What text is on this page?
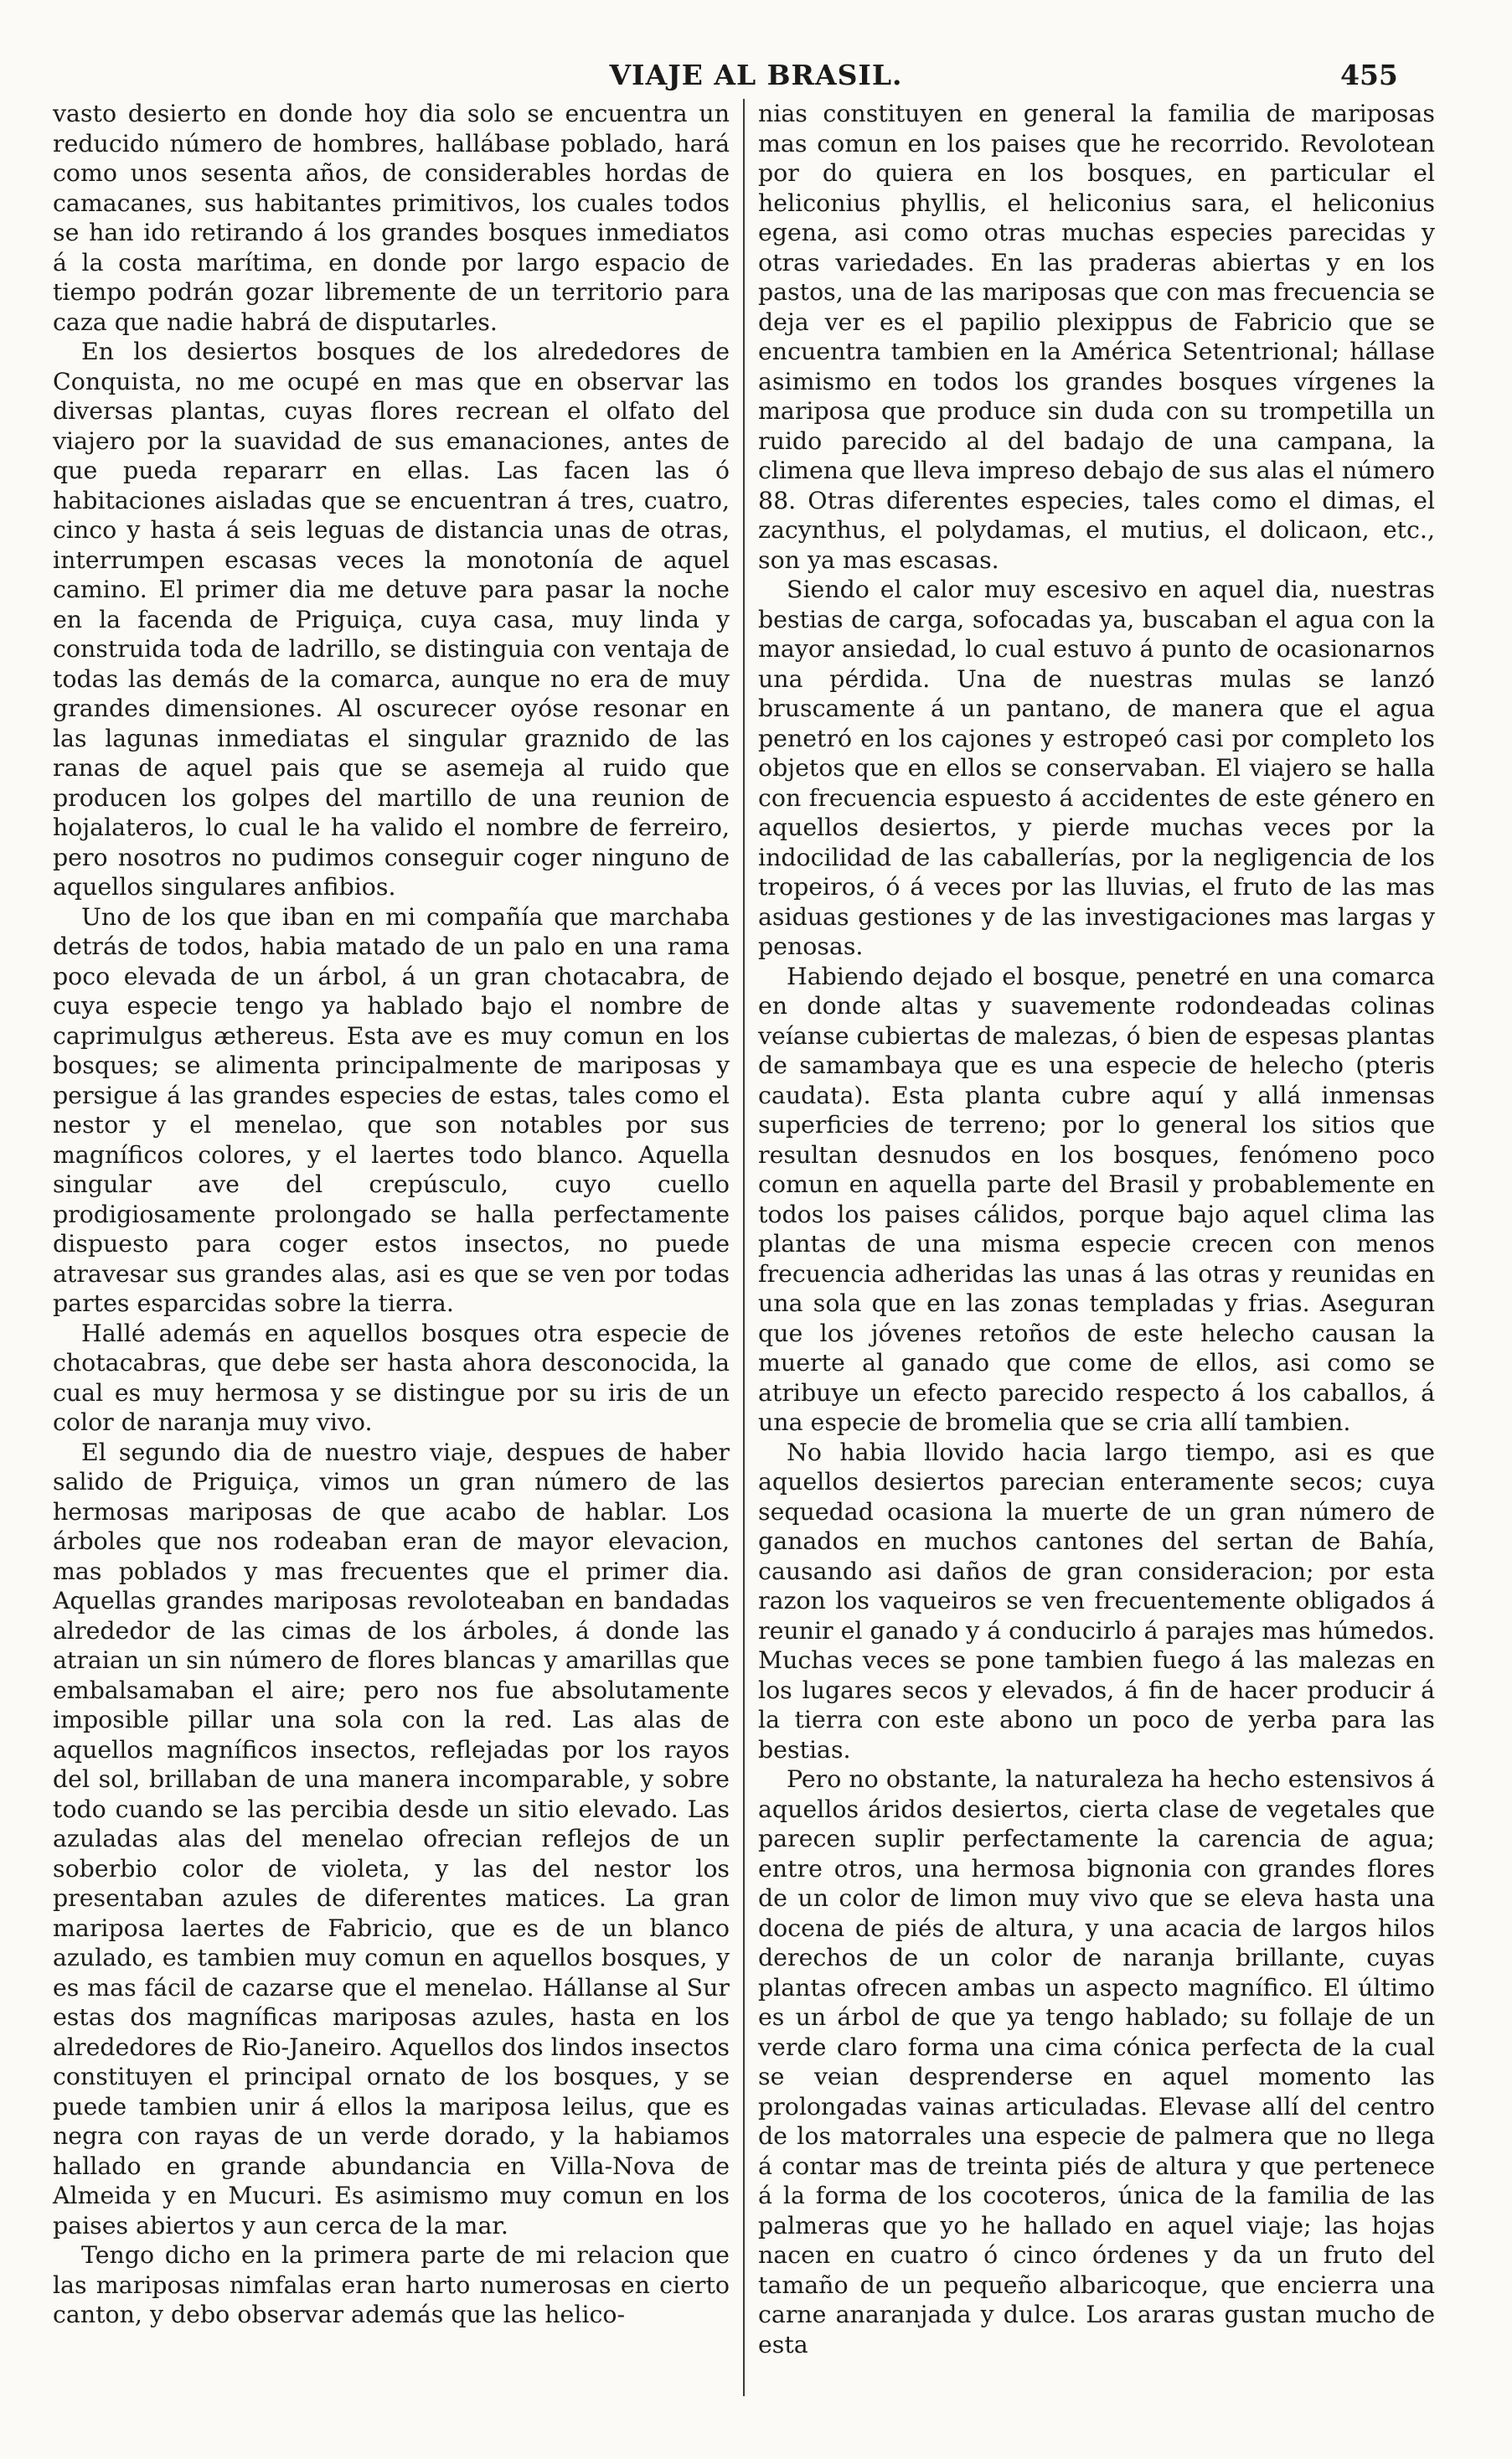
VIAJE AL BRASIL.	455

vasto desierto en donde hoy dia solo se encuentra un reducido número de hombres, hallábase poblado, hará como unos sesenta años, de considerables hordas de camacanes, sus habitantes primitivos, los cuales todos se han ido retirando á los grandes bosques inmediatos á la costa marítima, en donde por largo espacio de tiempo podrán gozar libremente de un territorio para caza que nadie habrá de disputarles.

En los desiertos bosques de los alrededores de Conquista, no me ocupé en mas que en observar las diversas plantas, cuyas flores recrean el olfato del viajero por la suavidad de sus emanaciones, antes de que pueda repararr en ellas. Las facen las ó habitaciones aisladas que se encuentran á tres, cuatro, cinco y hasta á seis leguas de distancia unas de otras, interrumpen escasas veces la monotonía de aquel camino. El primer dia me detuve para pasar la noche en la facenda de Priguiça, cuya casa, muy linda y construida toda de ladrillo, se distinguia con ventaja de todas las demás de la comarca, aunque no era de muy grandes dimensiones. Al oscurecer oyóse resonar en las lagunas inmediatas el singular graznido de las ranas de aquel pais que se asemeja al ruido que producen los golpes del martillo de una reunion de hojalateros, lo cual le ha valido el nombre de ferreiro, pero nosotros no pudimos conseguir coger ninguno de aquellos singulares anfibios.

Uno de los que iban en mi compañía que marchaba detrás de todos, habia matado de un palo en una rama poco elevada de un árbol, á un gran chotacabra, de cuya especie tengo ya hablado bajo el nombre de caprimulgus æthereus. Esta ave es muy comun en los bosques; se alimenta principalmente de mariposas y persigue á las grandes especies de estas, tales como el nestor y el menelao, que son notables por sus magníficos colores, y el laertes todo blanco. Aquella singular ave del crepúsculo, cuyo cuello prodigiosamente prolongado se halla perfectamente dispuesto para coger estos insectos, no puede atravesar sus grandes alas, asi es que se ven por todas partes esparcidas sobre la tierra.

Hallé además en aquellos bosques otra especie de chotacabras, que debe ser hasta ahora desconocida, la cual es muy hermosa y se distingue por su iris de un color de naranja muy vivo.

El segundo dia de nuestro viaje, despues de haber salido de Priguiça, vimos un gran número de las hermosas mariposas de que acabo de hablar. Los árboles que nos rodeaban eran de mayor elevacion, mas poblados y mas frecuentes que el primer dia. Aquellas grandes mariposas revoloteaban en bandadas alrededor de las cimas de los árboles, á donde las atraian un sin número de flores blancas y amarillas que embalsamaban el aire; pero nos fue absolutamente imposible pillar una sola con la red. Las alas de aquellos magníficos insectos, reflejadas por los rayos del sol, brillaban de una manera incomparable, y sobre todo cuando se las percibia desde un sitio elevado. Las azuladas alas del menelao ofrecian reflejos de un soberbio color de violeta, y las del nestor los presentaban azules de diferentes matices. La gran mariposa laertes de Fabricio, que es de un blanco azulado, es tambien muy comun en aquellos bosques, y es mas fácil de cazarse que el menelao. Hállanse al Sur estas dos magníficas mariposas azules, hasta en los alrededores de Rio-Janeiro. Aquellos dos lindos insectos constituyen el principal ornato de los bosques, y se puede tambien unir á ellos la mariposa leilus, que es negra con rayas de un verde dorado, y la habiamos hallado en grande abundancia en Villa-Nova de Almeida y en Mucuri. Es asimismo muy comun en los paises abiertos y aun cerca de la mar.

Tengo dicho en la primera parte de mi relacion que las mariposas nimfalas eran harto numerosas en cierto canton, y debo observar además que las helico-

nias constituyen en general la familia de mariposas mas comun en los paises que he recorrido. Revolotean por do quiera en los bosques, en particular el heliconius phyllis, el heliconius sara, el heliconius egena, asi como otras muchas especies parecidas y otras variedades. En las praderas abiertas y en los pastos, una de las mariposas que con mas frecuencia se deja ver es el papilio plexippus de Fabricio que se encuentra tambien en la América Setentrional; hállase asimismo en todos los grandes bosques vírgenes la mariposa que produce sin duda con su trompetilla un ruido parecido al del badajo de una campana, la climena que lleva impreso debajo de sus alas el número 88. Otras diferentes especies, tales como el dimas, el zacynthus, el polydamas, el mutius, el dolicaon, etc., son ya mas escasas.

Siendo el calor muy escesivo en aquel dia, nuestras bestias de carga, sofocadas ya, buscaban el agua con la mayor ansiedad, lo cual estuvo á punto de ocasionarnos una pérdida. Una de nuestras mulas se lanzó bruscamente á un pantano, de manera que el agua penetró en los cajones y estropeó casi por completo los objetos que en ellos se conservaban. El viajero se halla con frecuencia espuesto á accidentes de este género en aquellos desiertos, y pierde muchas veces por la indocilidad de las caballerías, por la negligencia de los tropeiros, ó á veces por las lluvias, el fruto de las mas asiduas gestiones y de las investigaciones mas largas y penosas.

Habiendo dejado el bosque, penetré en una comarca en donde altas y suavemente rodondeadas colinas veíanse cubiertas de malezas, ó bien de espesas plantas de samambaya que es una especie de helecho (pteris caudata). Esta planta cubre aquí y allá inmensas superficies de terreno; por lo general los sitios que resultan desnudos en los bosques, fenómeno poco comun en aquella parte del Brasil y probablemente en todos los paises cálidos, porque bajo aquel clima las plantas de una misma especie crecen con menos frecuencia adheridas las unas á las otras y reunidas en una sola que en las zonas templadas y frias. Aseguran que los jóvenes retoños de este helecho causan la muerte al ganado que come de ellos, asi como se atribuye un efecto parecido respecto á los caballos, á una especie de bromelia que se cria allí tambien.

No habia llovido hacia largo tiempo, asi es que aquellos desiertos parecian enteramente secos; cuya sequedad ocasiona la muerte de un gran número de ganados en muchos cantones del sertan de Bahía, causando asi daños de gran consideracion; por esta razon los vaqueiros se ven frecuentemente obligados á reunir el ganado y á conducirlo á parajes mas húmedos. Muchas veces se pone tambien fuego á las malezas en los lugares secos y elevados, á fin de hacer producir á la tierra con este abono un poco de yerba para las bestias.

Pero no obstante, la naturaleza ha hecho estensivos á aquellos áridos desiertos, cierta clase de vegetales que parecen suplir perfectamente la carencia de agua; entre otros, una hermosa bignonia con grandes flores de un color de limon muy vivo que se eleva hasta una docena de piés de altura, y una acacia de largos hilos derechos de un color de naranja brillante, cuyas plantas ofrecen ambas un aspecto magnífico. El último es un árbol de que ya tengo hablado; su follaje de un verde claro forma una cima cónica perfecta de la cual se veian desprenderse en aquel momento las prolongadas vainas articuladas. Elevase allí del centro de los matorrales una especie de palmera que no llega á contar mas de treinta piés de altura y que pertenece á la forma de los cocoteros, única de la familia de las palmeras que yo he hallado en aquel viaje; las hojas nacen en cuatro ó cinco órdenes y da un fruto del tamaño de un pequeño albaricoque, que encierra una carne anaranjada y dulce. Los araras gustan mucho de esta
